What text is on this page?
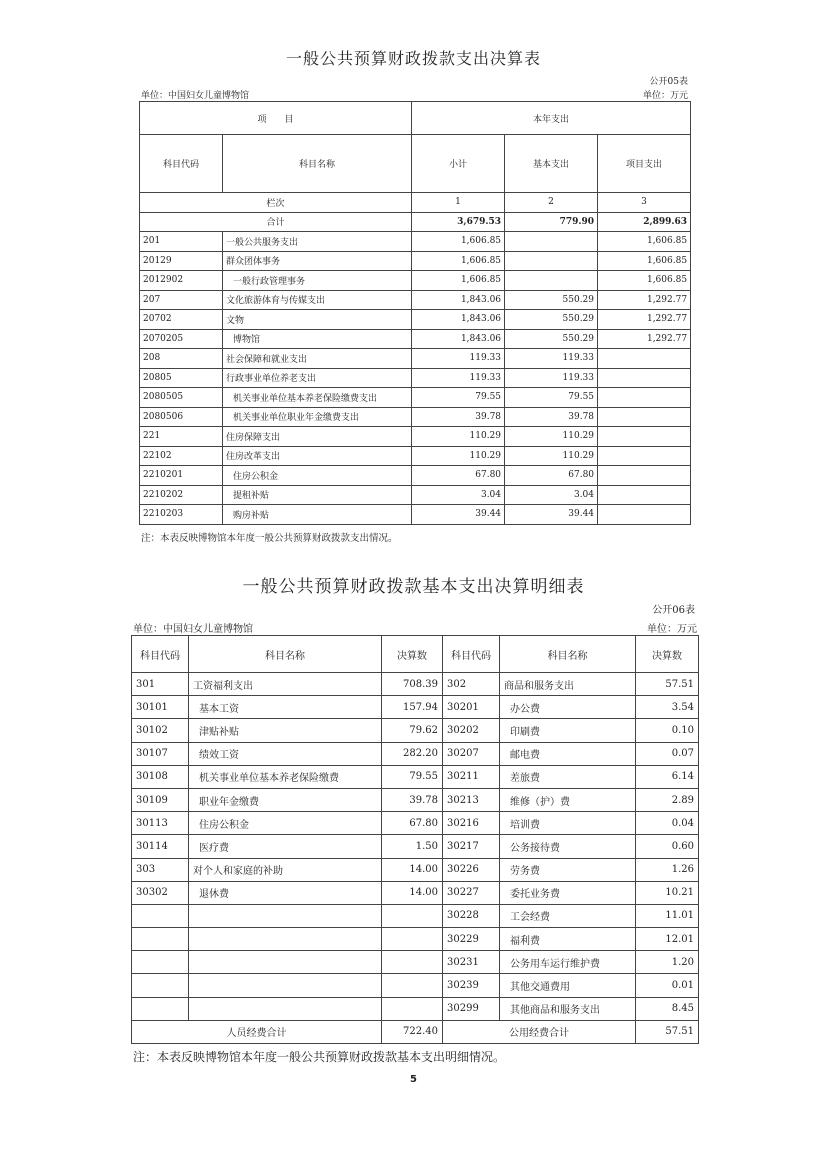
一般公共预算财政拨款支出决算表
公开05表
单位：中国妇女儿童博物馆	单位：万元
项　　目		本年支出		
科目代码	科目名称	小计	基本支出	项目支出
栏次		1	2	3
合计		3,679.53	779.90	2,899.63
201	一般公共服务支出	1,606.85		1,606.85
20129	群众团体事务	1,606.85		1,606.85
2012902	一般行政管理事务	1,606.85		1,606.85
207	文化旅游体育与传媒支出	1,843.06	550.29	1,292.77
20702	文物	1,843.06	550.29	1,292.77
2070205	博物馆	1,843.06	550.29	1,292.77
208	社会保障和就业支出	119.33	119.33	
20805	行政事业单位养老支出	119.33	119.33	
2080505	机关事业单位基本养老保险缴费支出	79.55	79.55	
2080506	机关事业单位职业年金缴费支出	39.78	39.78	
221	住房保障支出	110.29	110.29	
22102	住房改革支出	110.29	110.29	
2210201	住房公积金	67.80	67.80	
2210202	提租补贴	3.04	3.04	
2210203	购房补贴	39.44	39.44	
注：本表反映博物馆本年度一般公共预算财政拨款支出情况。
一般公共预算财政拨款基本支出决算明细表
公开06表
单位：中国妇女儿童博物馆	单位：万元
科目代码	科目名称	决算数	科目代码	科目名称	决算数
301	工资福利支出	708.39	302	商品和服务支出	57.51
30101	基本工资	157.94	30201	办公费	3.54
30102	津贴补贴	79.62	30202	印刷费	0.10
30107	绩效工资	282.20	30207	邮电费	0.07
30108	机关事业单位基本养老保险缴费	79.55	30211	差旅费	6.14
30109	职业年金缴费	39.78	30213	维修（护）费	2.89
30113	住房公积金	67.80	30216	培训费	0.04
30114	医疗费	1.50	30217	公务接待费	0.60
303	对个人和家庭的补助	14.00	30226	劳务费	1.26
30302	退休费	14.00	30227	委托业务费	10.21
			30228	工会经费	11.01
			30229	福利费	12.01
			30231	公务用车运行维护费	1.20
			30239	其他交通费用	0.01
			30299	其他商品和服务支出	8.45
人员经费合计		722.40	公用经费合计		57.51
注：本表反映博物馆本年度一般公共预算财政拨款基本支出明细情况。
5
